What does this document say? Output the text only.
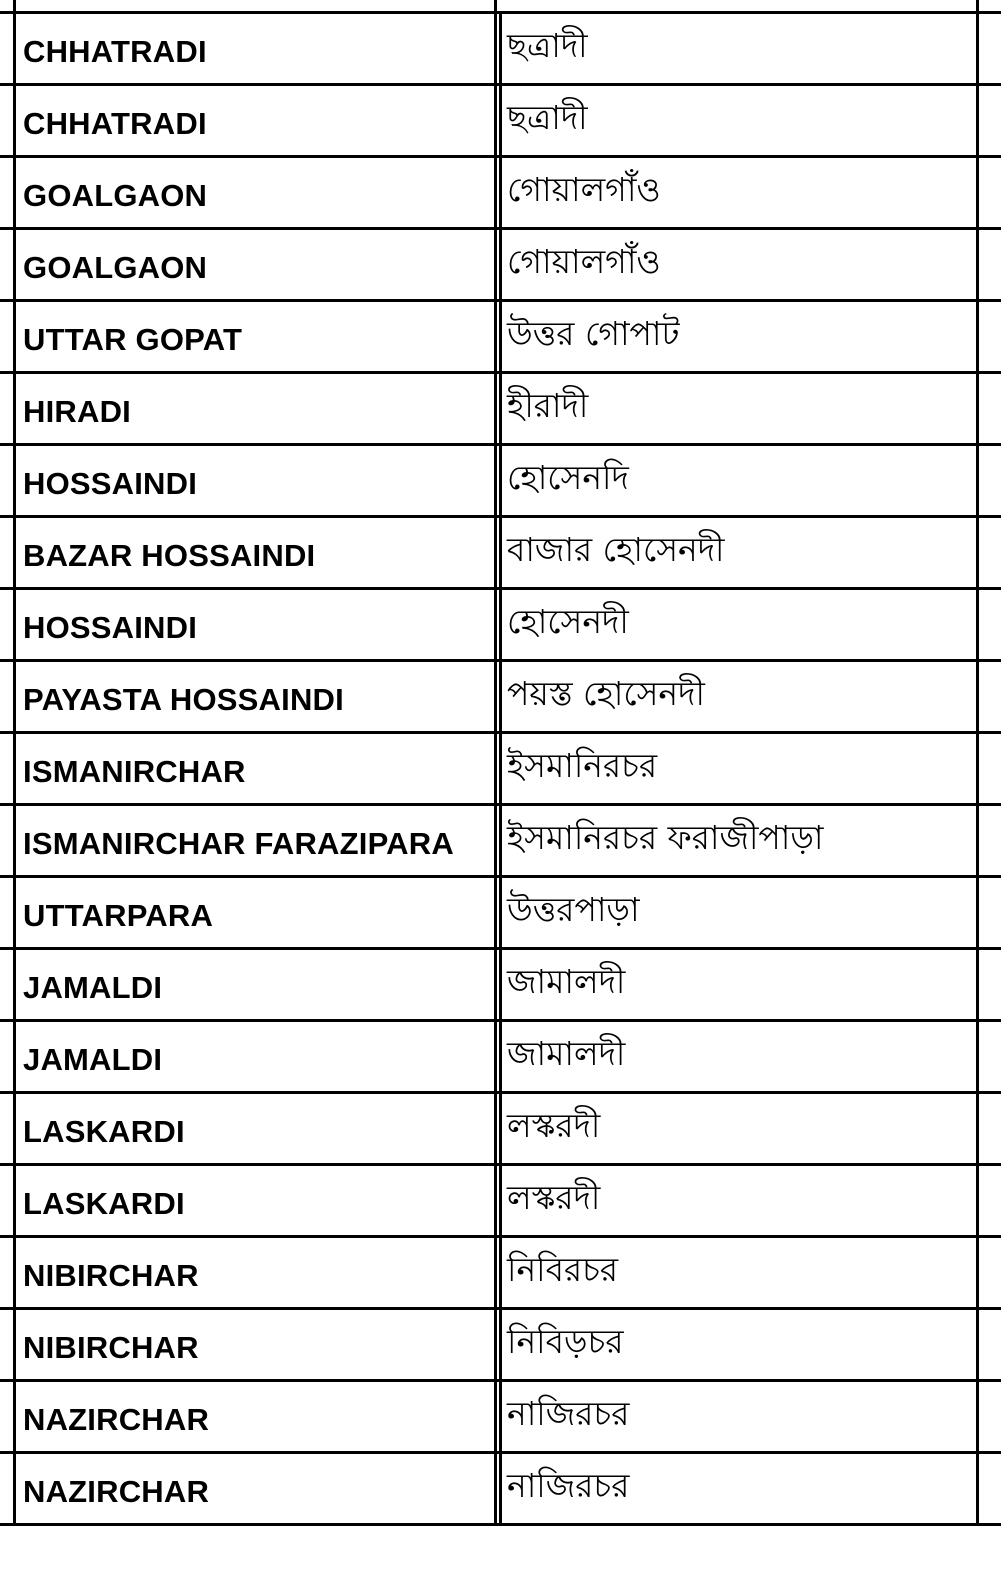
CHHATRADI	ছত্রাদী
CHHATRADI	ছত্রাদী
GOALGAON	গোয়ালগাঁও
GOALGAON	গোয়ালগাঁও
UTTAR GOPAT	উত্তর গোপাট
HIRADI	হীরাদী
HOSSAINDI	হোসেনদি
BAZAR HOSSAINDI	বাজার হোসেনদী
HOSSAINDI	হোসেনদী
PAYASTA HOSSAINDI	পয়স্ত হোসেনদী
ISMANIRCHAR	ইসমানিরচর
ISMANIRCHAR FARAZIPARA	ইসমানিরচর ফরাজীপাড়া
UTTARPARA	উত্তরপাড়া
JAMALDI	জামালদী
JAMALDI	জামালদী
LASKARDI	লস্করদী
LASKARDI	লস্করদী
NIBIRCHAR	নিবিরচর
NIBIRCHAR	নিবিড়চর
NAZIRCHAR	নাজিরচর
NAZIRCHAR	নাজিরচর
